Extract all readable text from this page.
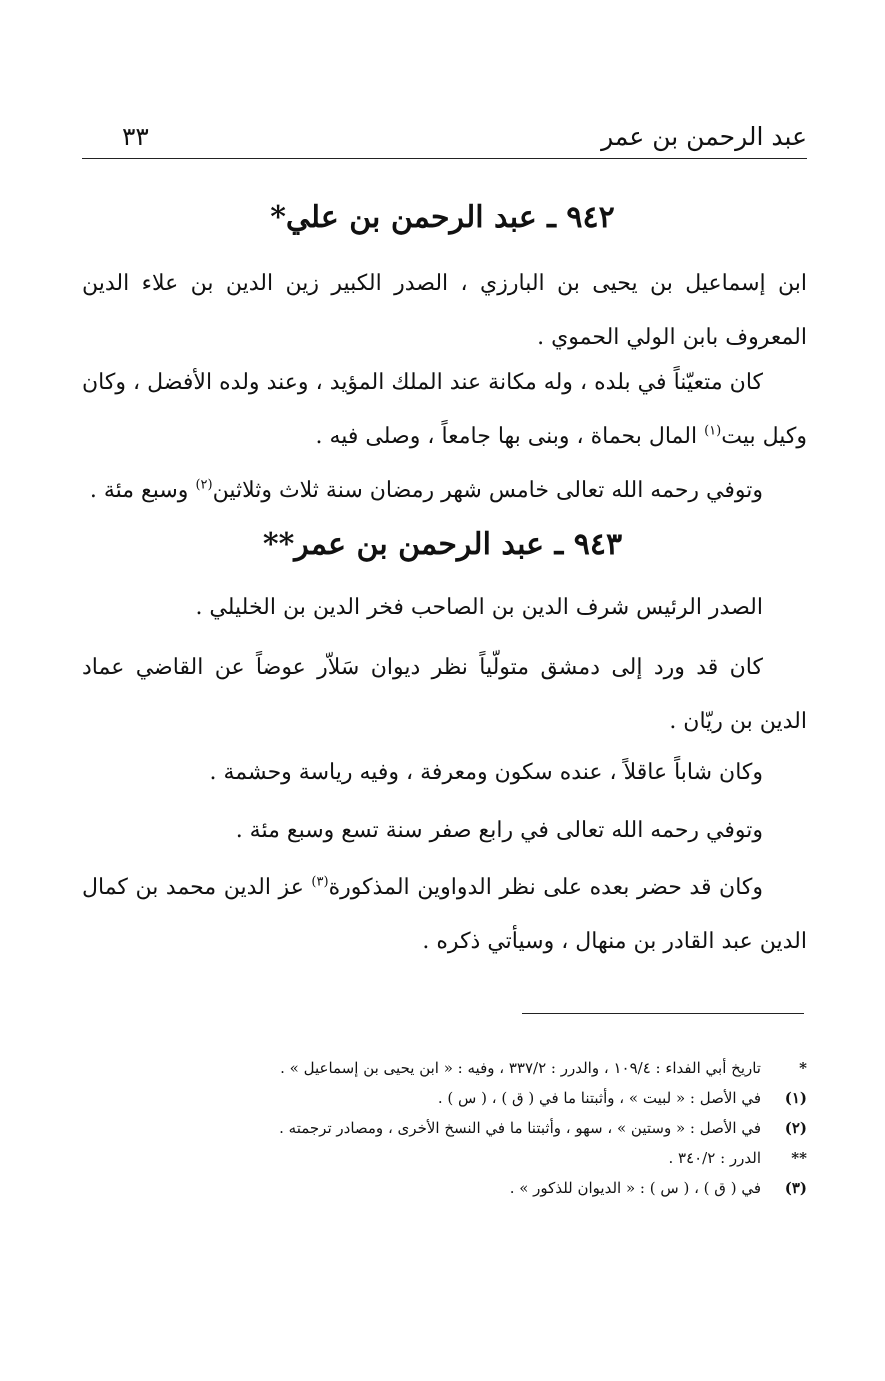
عبد الرحمن بن عمر
٣٣
٩٤٢ ـ عبد الرحمن بن علي*

ابن إسماعيل بن يحيى بن البارزي ، الصدر الكبير زين الدين بن علاء الدين المعروف بابن الولي الحموي .

كان متعيّناً في بلده ، وله مكانة عند الملك المؤيد ، وعند ولده الأفضل ، وكان وكيل بيت$^{(١)}$ المال بحماة ، وبنى بها جامعاً ، وصلى فيه .

وتوفي رحمه الله تعالى خامس شهر رمضان سنة ثلاث وثلاثين$^{(٢)}$ وسبع مئة .

٩٤٣ ـ عبد الرحمن بن عمر**

الصدر الرئيس شرف الدين بن الصاحب فخر الدين بن الخليلي .

كان قد ورد إلى دمشق متولّياً نظر ديوان سَلاّر عوضاً عن القاضي عماد الدين بن ريّان .

وكان شاباً عاقلاً ، عنده سكون ومعرفة ، وفيه رياسة وحشمة .

وتوفي رحمه الله تعالى في رابع صفر سنة تسع وسبع مئة .

وكان قد حضر بعده على نظر الدواوين المذكورة$^{(٣)}$ عز الدين محمد بن كمال الدين عبد القادر بن منهال ، وسيأتي ذكره .

*
تاريخ أبي الفداء : ١٠٩/٤ ، والدرر : ٣٣٧/٢ ، وفيه : « ابن يحيى بن إسماعيل » .
(١)
في الأصل : « لبيت » ، وأثبتنا ما في ( ق ) ، ( س ) .
(٢)
في الأصل : « وستين » ، سهو ، وأثبتنا ما في النسخ الأخرى ، ومصادر ترجمته .
**
الدرر : ٣٤٠/٢ .
(٣)
في ( ق ) ، ( س ) : « الديوان للذكور » .
